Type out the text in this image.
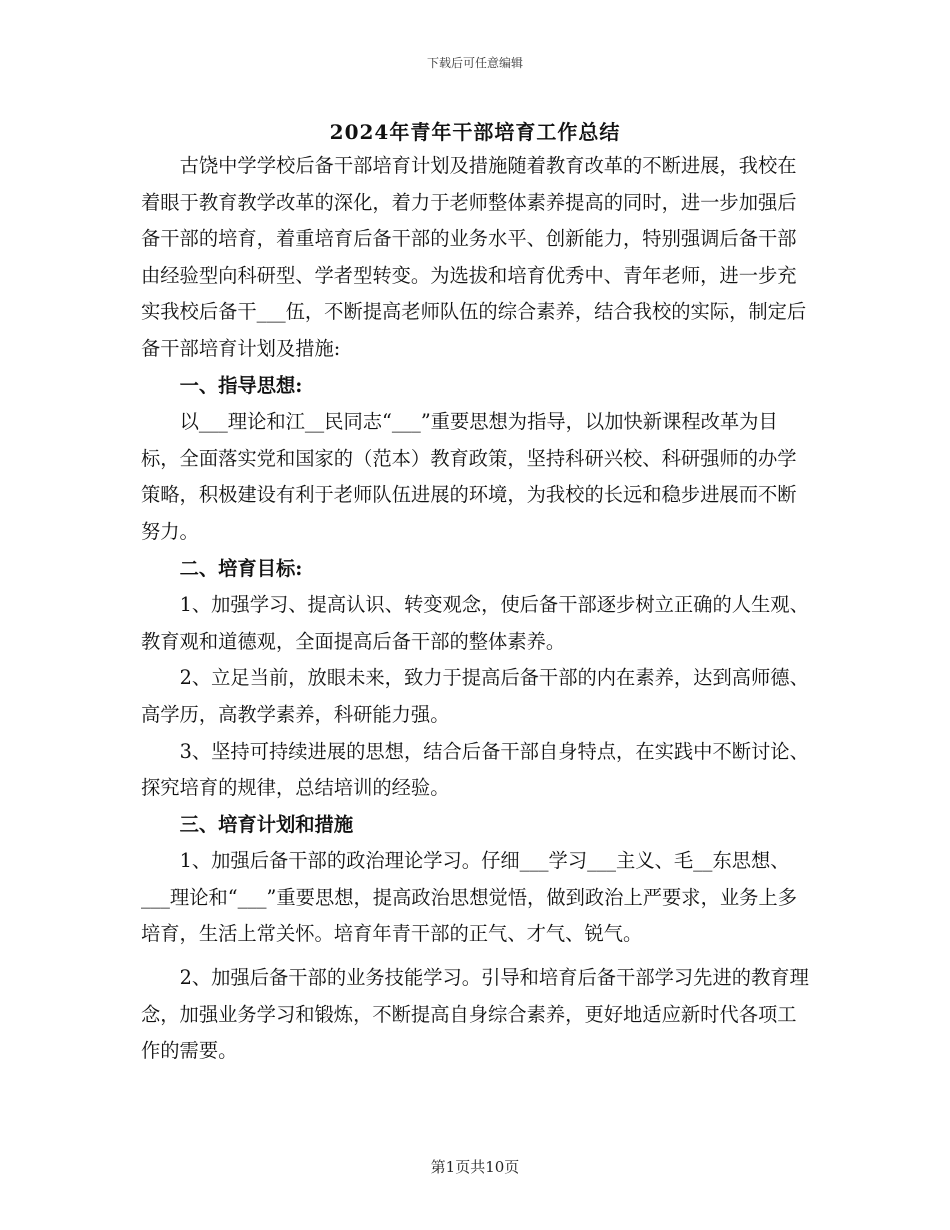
下载后可任意编辑
2024年青年干部培育工作总结

古饶中学学校后备干部培育计划及措施随着教育改革的不断进展，我校在着眼于教育教学改革的深化，着力于老师整体素养提高的同时，进一步加强后备干部的培育，着重培育后备干部的业务水平、创新能力，特别强调后备干部由经验型向科研型、学者型转变。为选拔和培育优秀中、青年老师，进一步充实我校后备干___伍，不断提高老师队伍的综合素养，结合我校的实际，制定后备干部培育计划及措施:

一、指导思想:

以___理论和江__民同志“___”重要思想为指导，以加快新课程改革为目标，全面落实党和国家的（范本）教育政策，坚持科研兴校、科研强师的办学策略，积极建设有利于老师队伍进展的环境，为我校的长远和稳步进展而不断努力。

二、培育目标:

1、加强学习、提高认识、转变观念，使后备干部逐步树立正确的人生观、教育观和道德观，全面提高后备干部的整体素养。

2、立足当前，放眼未来，致力于提高后备干部的内在素养，达到高师德、高学历，高教学素养，科研能力强。

3、坚持可持续进展的思想，结合后备干部自身特点，在实践中不断讨论、探究培育的规律，总结培训的经验。

三、培育计划和措施

1、加强后备干部的政治理论学习。仔细___学习___主义、毛__东思想、___理论和“___”重要思想，提高政治思想觉悟，做到政治上严要求，业务上多培育，生活上常关怀。培育年青干部的正气、才气、锐气。

2、加强后备干部的业务技能学习。引导和培育后备干部学习先进的教育理念，加强业务学习和锻炼，不断提高自身综合素养，更好地适应新时代各项工作的需要。

第1页共10页
